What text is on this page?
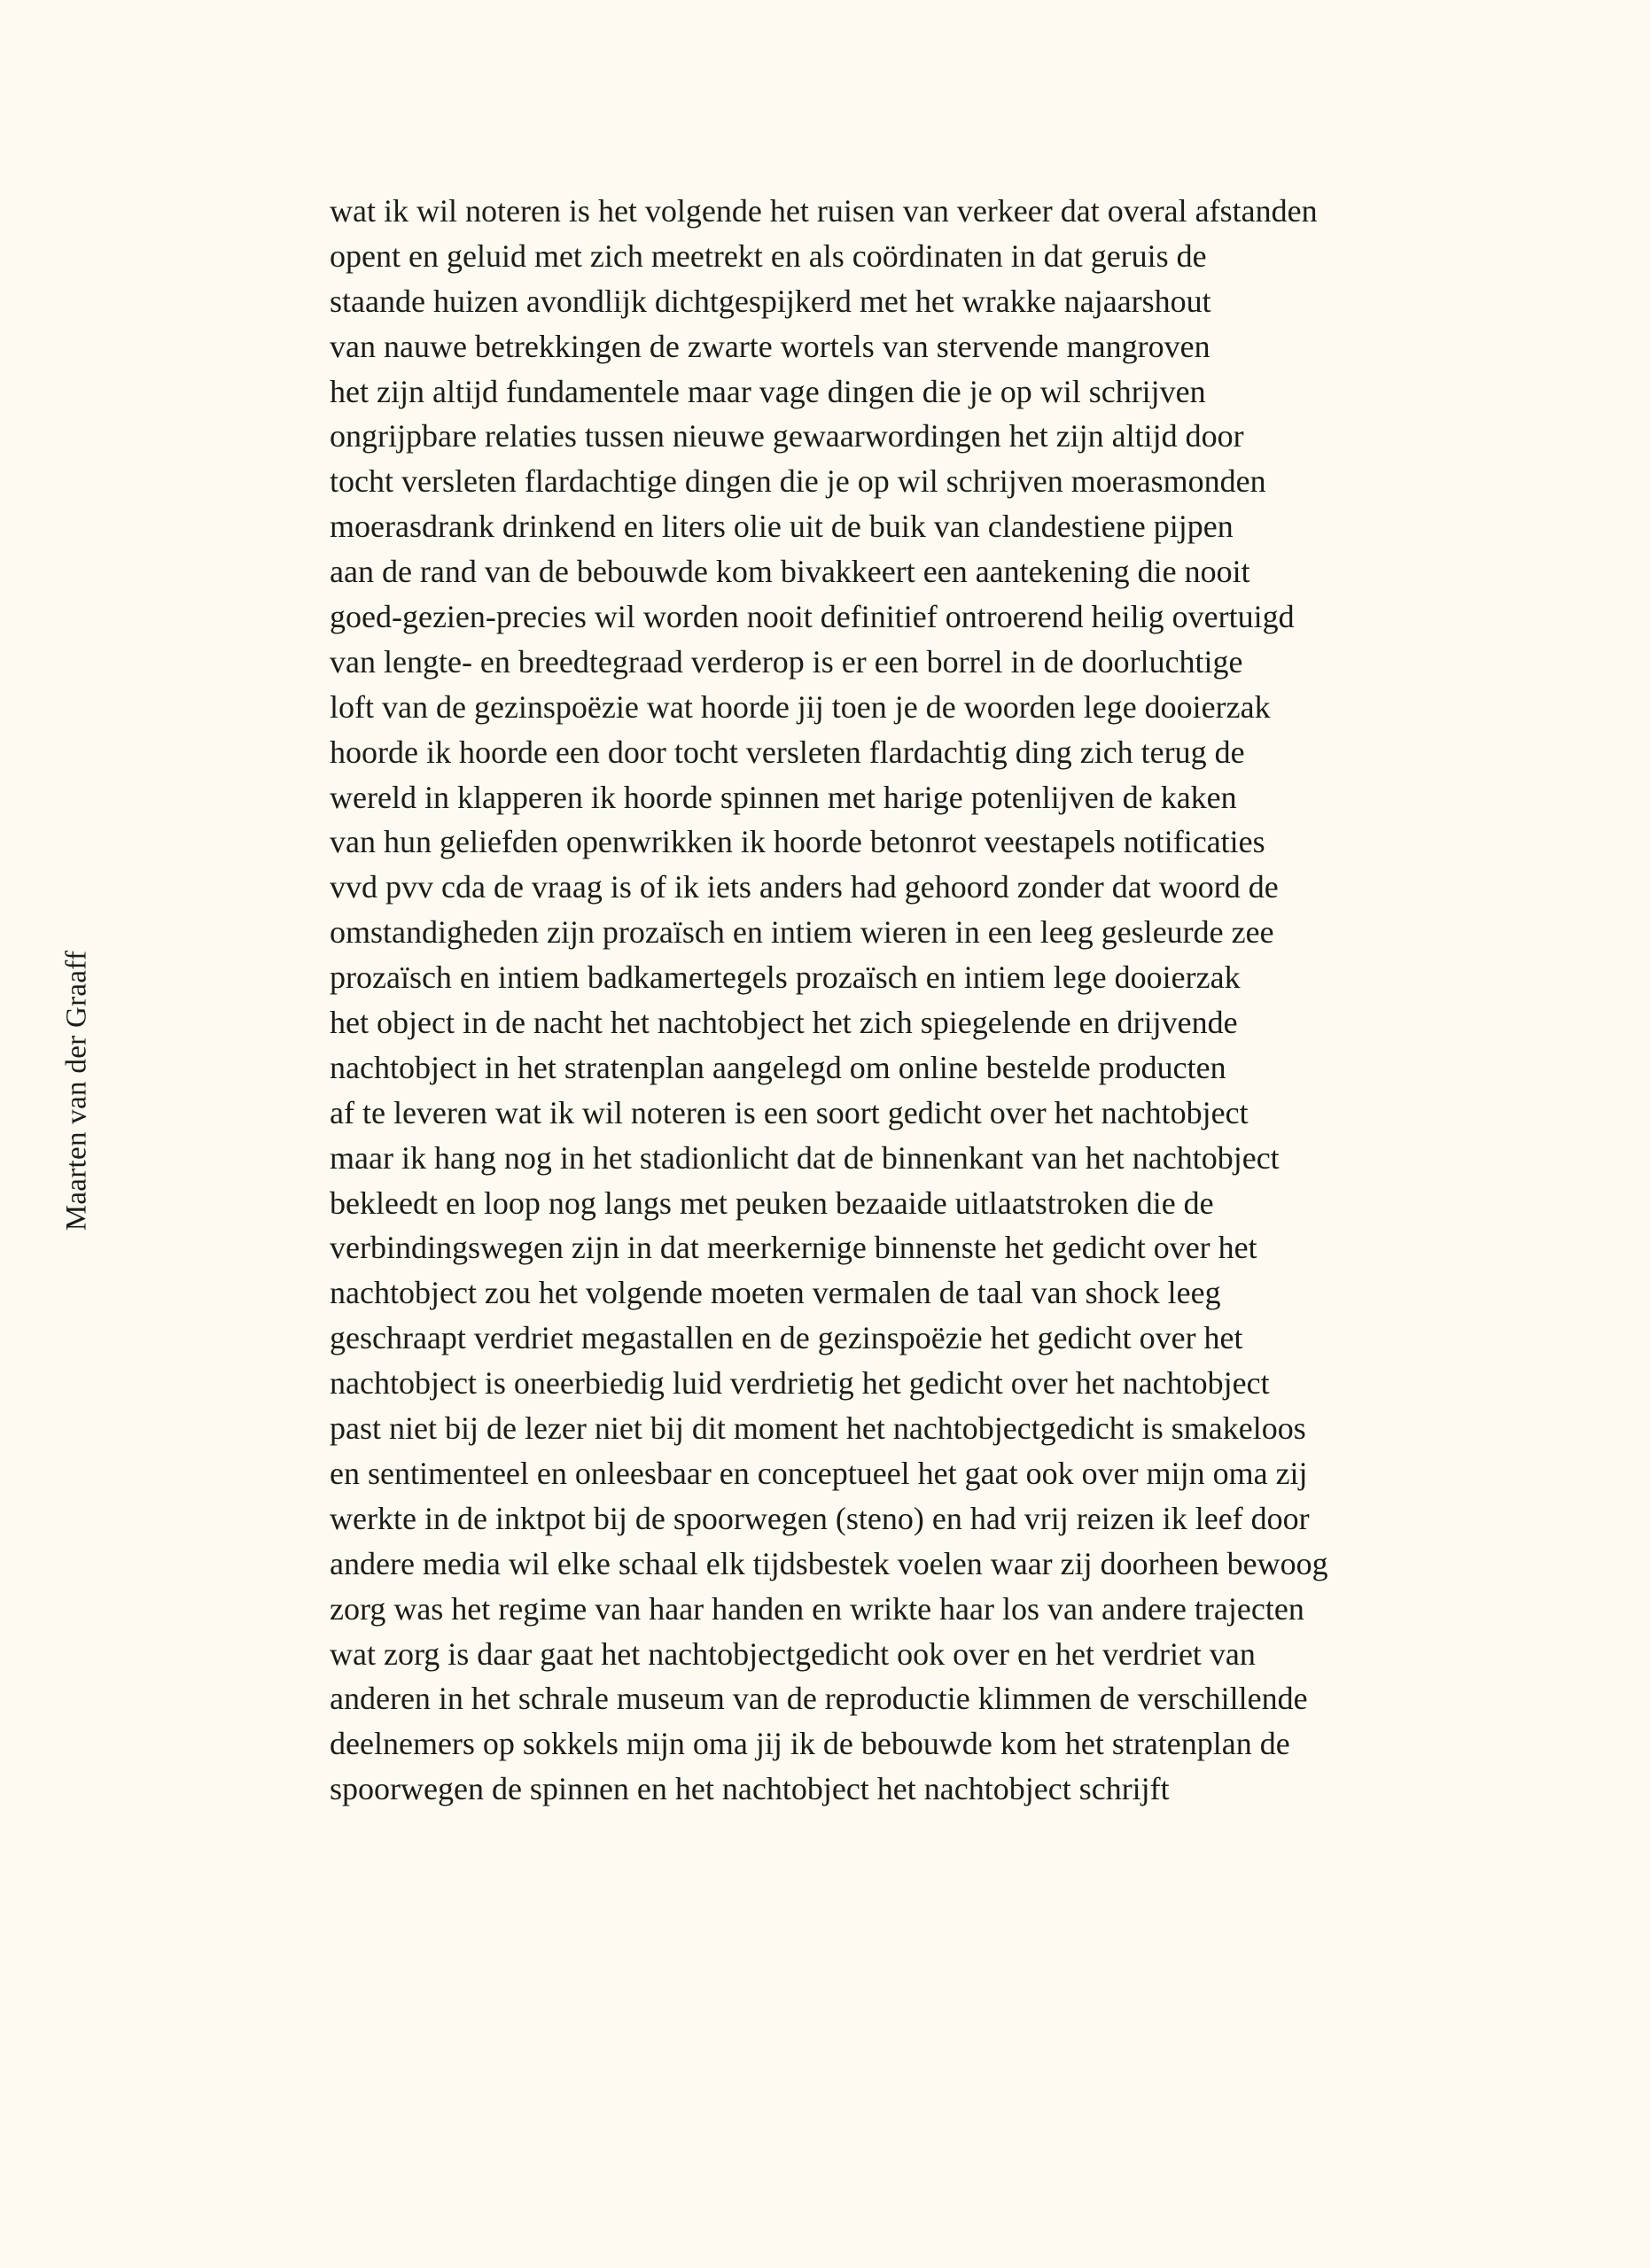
Maarten van der Graaff
wat ik wil noteren is het volgende het ruisen van verkeer dat overal afstanden
opent en geluid met zich meetrekt en als coördinaten in dat geruis de
staande huizen avondlijk dichtgespijkerd met het wrakke najaarshout
van nauwe betrekkingen de zwarte wortels van stervende mangroven
het zijn altijd fundamentele maar vage dingen die je op wil schrijven
ongrijpbare relaties tussen nieuwe gewaarwordingen het zijn altijd door
tocht versleten flardachtige dingen die je op wil schrijven moerasmonden
moerasdrank drinkend en liters olie uit de buik van clandestiene pijpen
aan de rand van de bebouwde kom bivakkeert een aantekening die nooit
goed-gezien-precies wil worden nooit definitief ontroerend heilig overtuigd
van lengte- en breedtegraad verderop is er een borrel in de doorluchtige
loft van de gezinspoëzie wat hoorde jij toen je de woorden lege dooierzak
hoorde ik hoorde een door tocht versleten flardachtig ding zich terug de
wereld in klapperen ik hoorde spinnen met harige potenlijven de kaken
van hun geliefden openwrikken ik hoorde betonrot veestapels notificaties
vvd pvv cda de vraag is of ik iets anders had gehoord zonder dat woord de
omstandigheden zijn prozaïsch en intiem wieren in een leeg gesleurde zee
prozaïsch en intiem badkamertegels prozaïsch en intiem lege dooierzak
het object in de nacht het nachtobject het zich spiegelende en drijvende
nachtobject in het stratenplan aangelegd om online bestelde producten
af te leveren wat ik wil noteren is een soort gedicht over het nachtobject
maar ik hang nog in het stadionlicht dat de binnenkant van het nachtobject
bekleedt en loop nog langs met peuken bezaaide uitlaatstroken die de
verbindingswegen zijn in dat meerkernige binnenste het gedicht over het
nachtobject zou het volgende moeten vermalen de taal van shock leeg
geschraapt verdriet megastallen en de gezinspoëzie het gedicht over het
nachtobject is oneerbiedig luid verdrietig het gedicht over het nachtobject
past niet bij de lezer niet bij dit moment het nachtobjectgedicht is smakeloos
en sentimenteel en onleesbaar en conceptueel het gaat ook over mijn oma zij
werkte in de inktpot bij de spoorwegen (steno) en had vrij reizen ik leef door
andere media wil elke schaal elk tijdsbestek voelen waar zij doorheen bewoog
zorg was het regime van haar handen en wrikte haar los van andere trajecten
wat zorg is daar gaat het nachtobjectgedicht ook over en het verdriet van
anderen in het schrale museum van de reproductie klimmen de verschillende
deelnemers op sokkels mijn oma jij ik de bebouwde kom het stratenplan de
spoorwegen de spinnen en het nachtobject het nachtobject schrijft
